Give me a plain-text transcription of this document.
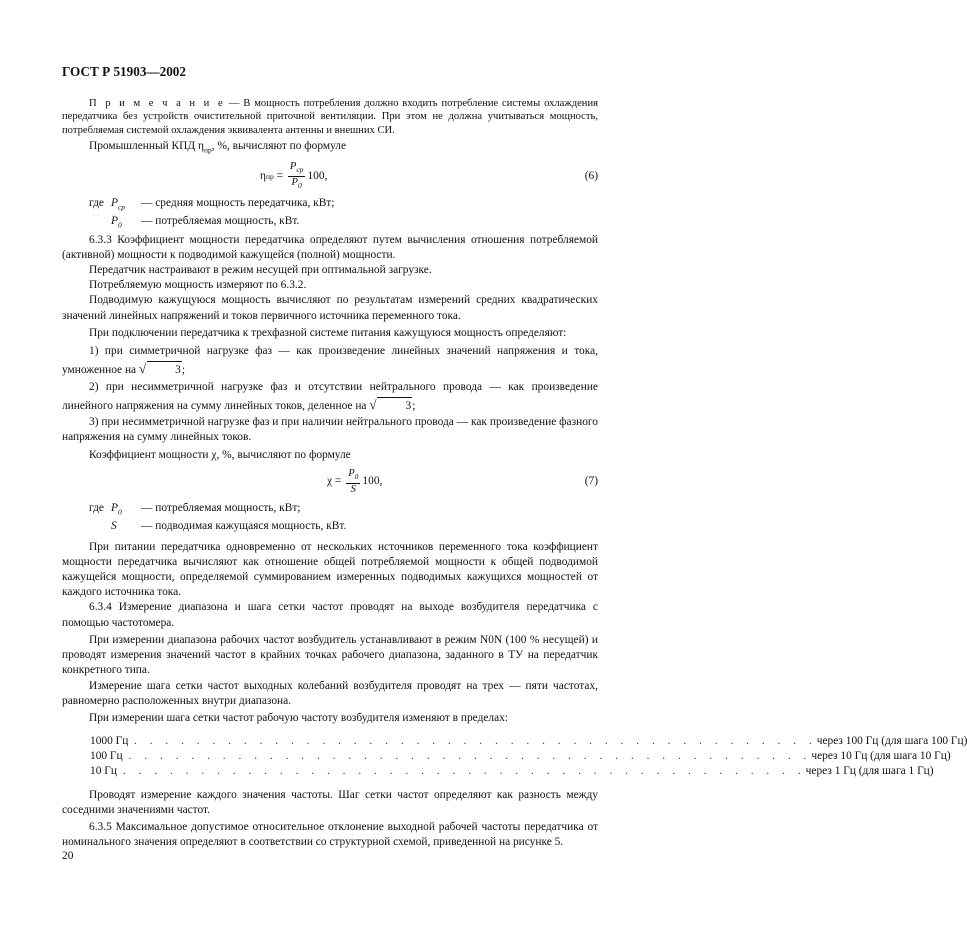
ГОСТ Р 51903—2002

П р и м е ч а н и е — В мощность потребления должно входить потребление системы охлаждения передатчика без устройств очистительной приточной вентиляции. При этом не должна учитываться мощность, потребляемая системой охлаждения эквивалента антенны и внешних СИ.

Промышленный КПД $\eta_{пр}$, %, вычисляют по формуле

η пр = $\frac{P_{ср}}{P_0} 100$,	(6)
где $P_{ср}$	— средняя мощность передатчика, кВт;
$P_0$	— потребляемая мощность, кВт.

6.3.3 Коэффициент мощности передатчика определяют путем вычисления отношения потребляемой (активной) мощности к подводимой кажущейся (полной) мощности.

Передатчик настраивают в режим несущей при оптимальной загрузке.

Потребляемую мощность измеряют по 6.3.2.

Подводимую кажущуюся мощность вычисляют по результатам измерений средних квадратических значений линейных напряжений и токов первичного источника переменного тока.

При подключении передатчика к трехфазной системе питания кажущуюся мощность определяют:

1) при симметричной нагрузке фаз — как произведение линейных значений напряжения и тока, умноженное на √	3;

2) при несимметричной нагрузке фаз и отсутствии нейтрального провода — как произведение линейного напряжения на сумму линейных токов, деленное на √	3;

3) при несимметричной нагрузке фаз и при наличии нейтрального провода — как произведение фазного напряжения на сумму линейных токов.

Коэффициент мощности χ, %, вычисляют по формуле

$\chi = \frac{P_0}{S} 100$,	(7)
где $P_0$	— потребляемая мощность, кВт;
S	— подводимая кажущаяся мощность, кВт.

При питании передатчика одновременно от нескольких источников переменного тока коэффициент мощности передатчика вычисляют как отношение общей потребляемой мощности к общей подводимой кажущейся мощности, определяемой суммированием измеренных подводимых кажущихся мощностей от каждого источника тока.

6.3.4 Измерение диапазона и шага сетки частот проводят на выходе возбудителя передатчика с помощью частотомера.

При измерении диапазона рабочих частот возбудитель устанавливают в режим N0N (100 % несущей) и проводят измерения значений частот в крайних точках рабочего диапазона, заданного в ТУ на передатчик конкретного типа.

Измерение шага сетки частот выходных колебаний возбудителя проводят на трех — пяти частотах, равномерно расположенных внутри диапазона.

При измерении шага сетки частот рабочую частоту возбудителя изменяют в пределах:

1000 Гц . . . . . . . . . . . . . . . . . . . . . . . . . . . . . . . . . . . . . . . . . . . . через 100 Гц (для шага 100 Гц)
100 Гц . . . . . . . . . . . . . . . . . . . . . . . . . . . . . . . . . . . . . . . . . . . . через 10 Гц (для шага 10 Гц)
10 Гц . . . . . . . . . . . . . . . . . . . . . . . . . . . . . . . . . . . . . . . . . . . . через 1 Гц (для шага 1 Гц)

Проводят измерение каждого значения частоты. Шаг сетки частот определяют как разность между соседними значениями частот.

6.3.5 Максимальное допустимое относительное отклонение выходной рабочей частоты передатчика от номинального значения определяют в соответствии со структурной схемой, приведенной на рисунке 5.

20
